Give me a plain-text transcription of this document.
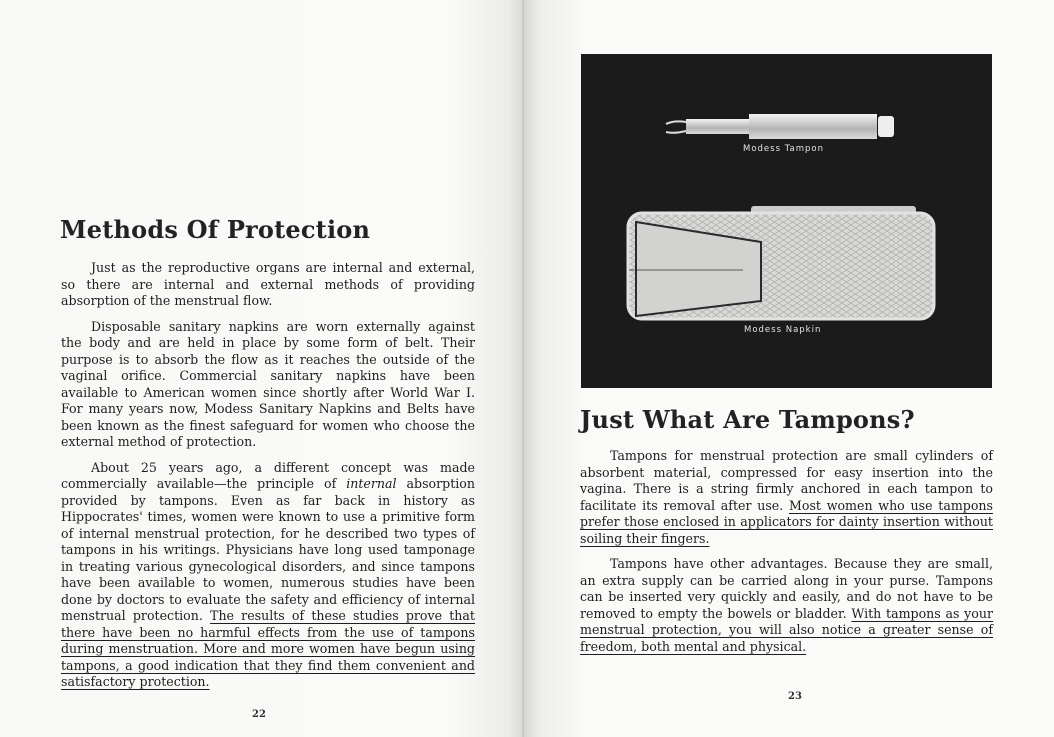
Methods Of Protection

Just as the reproductive organs are internal and external, so there are internal and external methods of providing absorption of the menstrual flow.

Disposable sanitary napkins are worn externally against the body and are held in place by some form of belt. Their purpose is to absorb the flow as it reaches the outside of the vaginal orifice. Commercial sanitary napkins have been available to American women since shortly after World War I. For many years now, Modess Sanitary Napkins and Belts have been known as the finest safeguard for women who choose the external method of protection.

About 25 years ago, a different concept was made commercially available—the principle of internal absorption provided by tampons. Even as far back in history as Hippocrates' times, women were known to use a primitive form of internal menstrual protection, for he described two types of tampons in his writings. Physicians have long used tamponage in treating various gynecological disorders, and since tampons have been available to women, numerous studies have been done by doctors to evaluate the safety and efficiency of internal menstrual protection. The results of these studies prove that there have been no harmful effects from the use of tampons during menstruation. More and more women have begun using tampons, a good indication that they find them convenient and satisfactory protection.

22
Modess Tampon
Modess Napkin
Just What Are Tampons?

Tampons for menstrual protection are small cylinders of absorbent material, compressed for easy insertion into the vagina. There is a string firmly anchored in each tampon to facilitate its removal after use. Most women who use tampons prefer those enclosed in applicators for dainty insertion without soiling their fingers.

Tampons have other advantages. Because they are small, an extra supply can be carried along in your purse. Tampons can be inserted very quickly and easily, and do not have to be removed to empty the bowels or bladder. With tampons as your menstrual protection, you will also notice a greater sense of freedom, both mental and physical.

23
